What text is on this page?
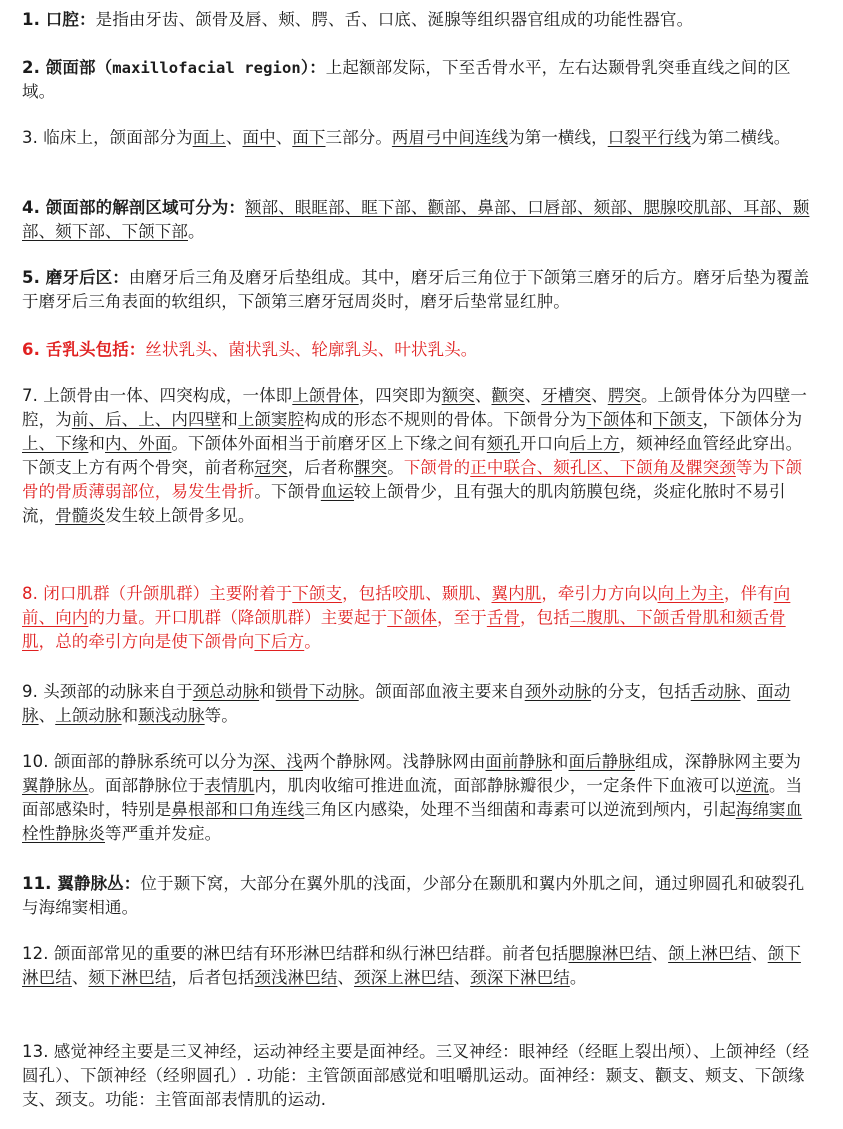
1. 口腔：是指由牙齿、颌骨及唇、颊、腭、舌、口底、涎腺等组织器官组成的功能性器官。

2. 颌面部（maxillofacial region）：上起额部发际，下至舌骨水平，左右达颞骨乳突垂直线之间的区域。

3. 临床上，颌面部分为面上、面中、面下三部分。两眉弓中间连线为第一横线，口裂平行线为第二横线。

4. 颌面部的解剖区域可分为：额部、眼眶部、眶下部、颧部、鼻部、口唇部、颏部、腮腺咬肌部、耳部、颞部、颏下部、下颌下部。

5. 磨牙后区：由磨牙后三角及磨牙后垫组成。其中，磨牙后三角位于下颌第三磨牙的后方。磨牙后垫为覆盖于磨牙后三角表面的软组织，下颌第三磨牙冠周炎时，磨牙后垫常显红肿。

6. 舌乳头包括：丝状乳头、菌状乳头、轮廓乳头、叶状乳头。

7. 上颌骨由一体、四突构成，一体即上颌骨体，四突即为额突、颧突、牙槽突、腭突。上颌骨体分为四壁一腔，为前、后、上、内四壁和上颌窦腔构成的形态不规则的骨体。下颌骨分为下颌体和下颌支，下颌体分为上、下缘和内、外面。下颌体外面相当于前磨牙区上下缘之间有颏孔开口向后上方，颏神经血管经此穿出。下颌支上方有两个骨突，前者称冠突，后者称髁突。下颌骨的正中联合、颏孔区、下颌角及髁突颈等为下颌骨的骨质薄弱部位，易发生骨折。下颌骨血运较上颌骨少，且有强大的肌肉筋膜包绕，炎症化脓时不易引流，骨髓炎发生较上颌骨多见。

8. 闭口肌群（升颌肌群）主要附着于下颌支，包括咬肌、颞肌、翼内肌，牵引力方向以向上为主，伴有向前、向内的力量。开口肌群（降颌肌群）主要起于下颌体，至于舌骨，包括二腹肌、下颌舌骨肌和颏舌骨肌，总的牵引方向是使下颌骨向下后方。

9. 头颈部的动脉来自于颈总动脉和锁骨下动脉。颌面部血液主要来自颈外动脉的分支，包括舌动脉、面动脉、上颌动脉和颞浅动脉等。

10. 颌面部的静脉系统可以分为深、浅两个静脉网。浅静脉网由面前静脉和面后静脉组成，深静脉网主要为翼静脉丛。面部静脉位于表情肌内，肌肉收缩可推进血流，面部静脉瓣很少，一定条件下血液可以逆流。当面部感染时，特别是鼻根部和口角连线三角区内感染，处理不当细菌和毒素可以逆流到颅内，引起海绵窦血栓性静脉炎等严重并发症。

11. 翼静脉丛：位于颞下窝，大部分在翼外肌的浅面，少部分在颞肌和翼内外肌之间，通过卵圆孔和破裂孔与海绵窦相通。

12. 颌面部常见的重要的淋巴结有环形淋巴结群和纵行淋巴结群。前者包括腮腺淋巴结、颌上淋巴结、颌下淋巴结、颏下淋巴结，后者包括颈浅淋巴结、颈深上淋巴结、颈深下淋巴结。

13. 感觉神经主要是三叉神经，运动神经主要是面神经。三叉神经：眼神经（经眶上裂出颅）、上颌神经（经圆孔）、下颌神经（经卵圆孔）. 功能：主管颌面部感觉和咀嚼肌运动。面神经：颞支、颧支、颊支、下颌缘支、颈支。功能：主管面部表情肌的运动.
